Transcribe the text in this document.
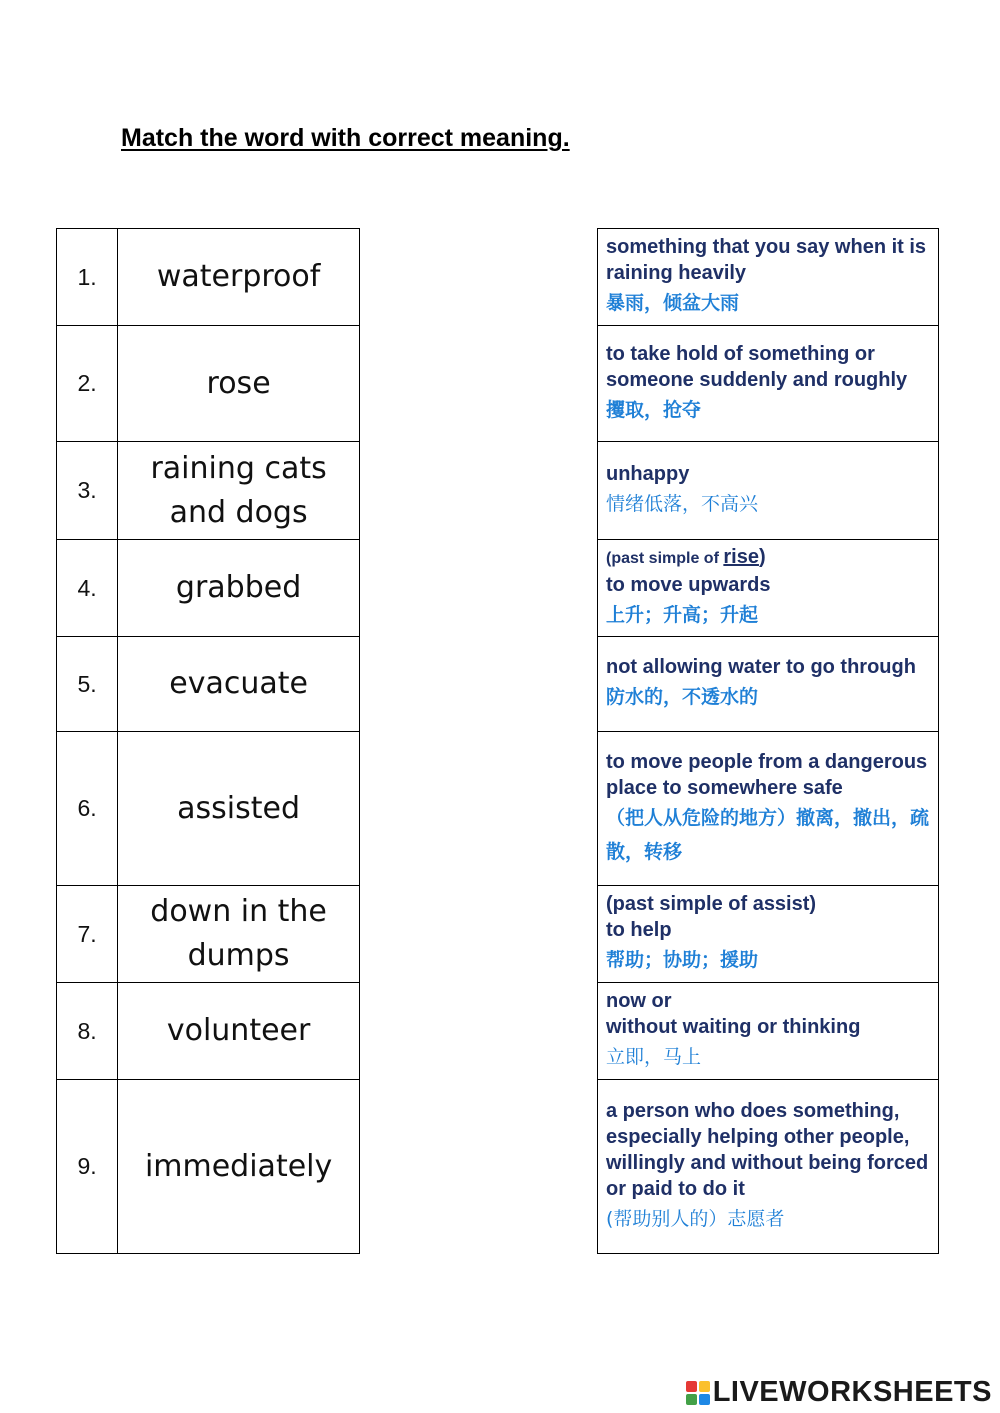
Match the word with correct meaning.
1.	waterproof
2.	rose
3.	raining cats and dogs
4.	grabbed
5.	evacuate
6.	assisted
7.	down in the dumps
8.	volunteer
9.	immediately
something that you say when it is raining heavily
暴雨，倾盆大雨

to take hold of something or someone suddenly and roughly
攫取，抢夺

unhappy
情绪低落，不高兴

(past simple of rise)
to move upwards
上升；升高；升起

not allowing water to go through
防水的，不透水的

to move people from a dangerous place to somewhere safe
（把人从危险的地方）撤离，撤出，疏散，转移

(past simple of assist)
to help
帮助；协助；援助

now or
without waiting or thinking
立即，马上

a person who does something, especially helping other people, willingly and without being forced or paid to do it
(帮助别人的）志愿者
LIVEWORKSHEETS
